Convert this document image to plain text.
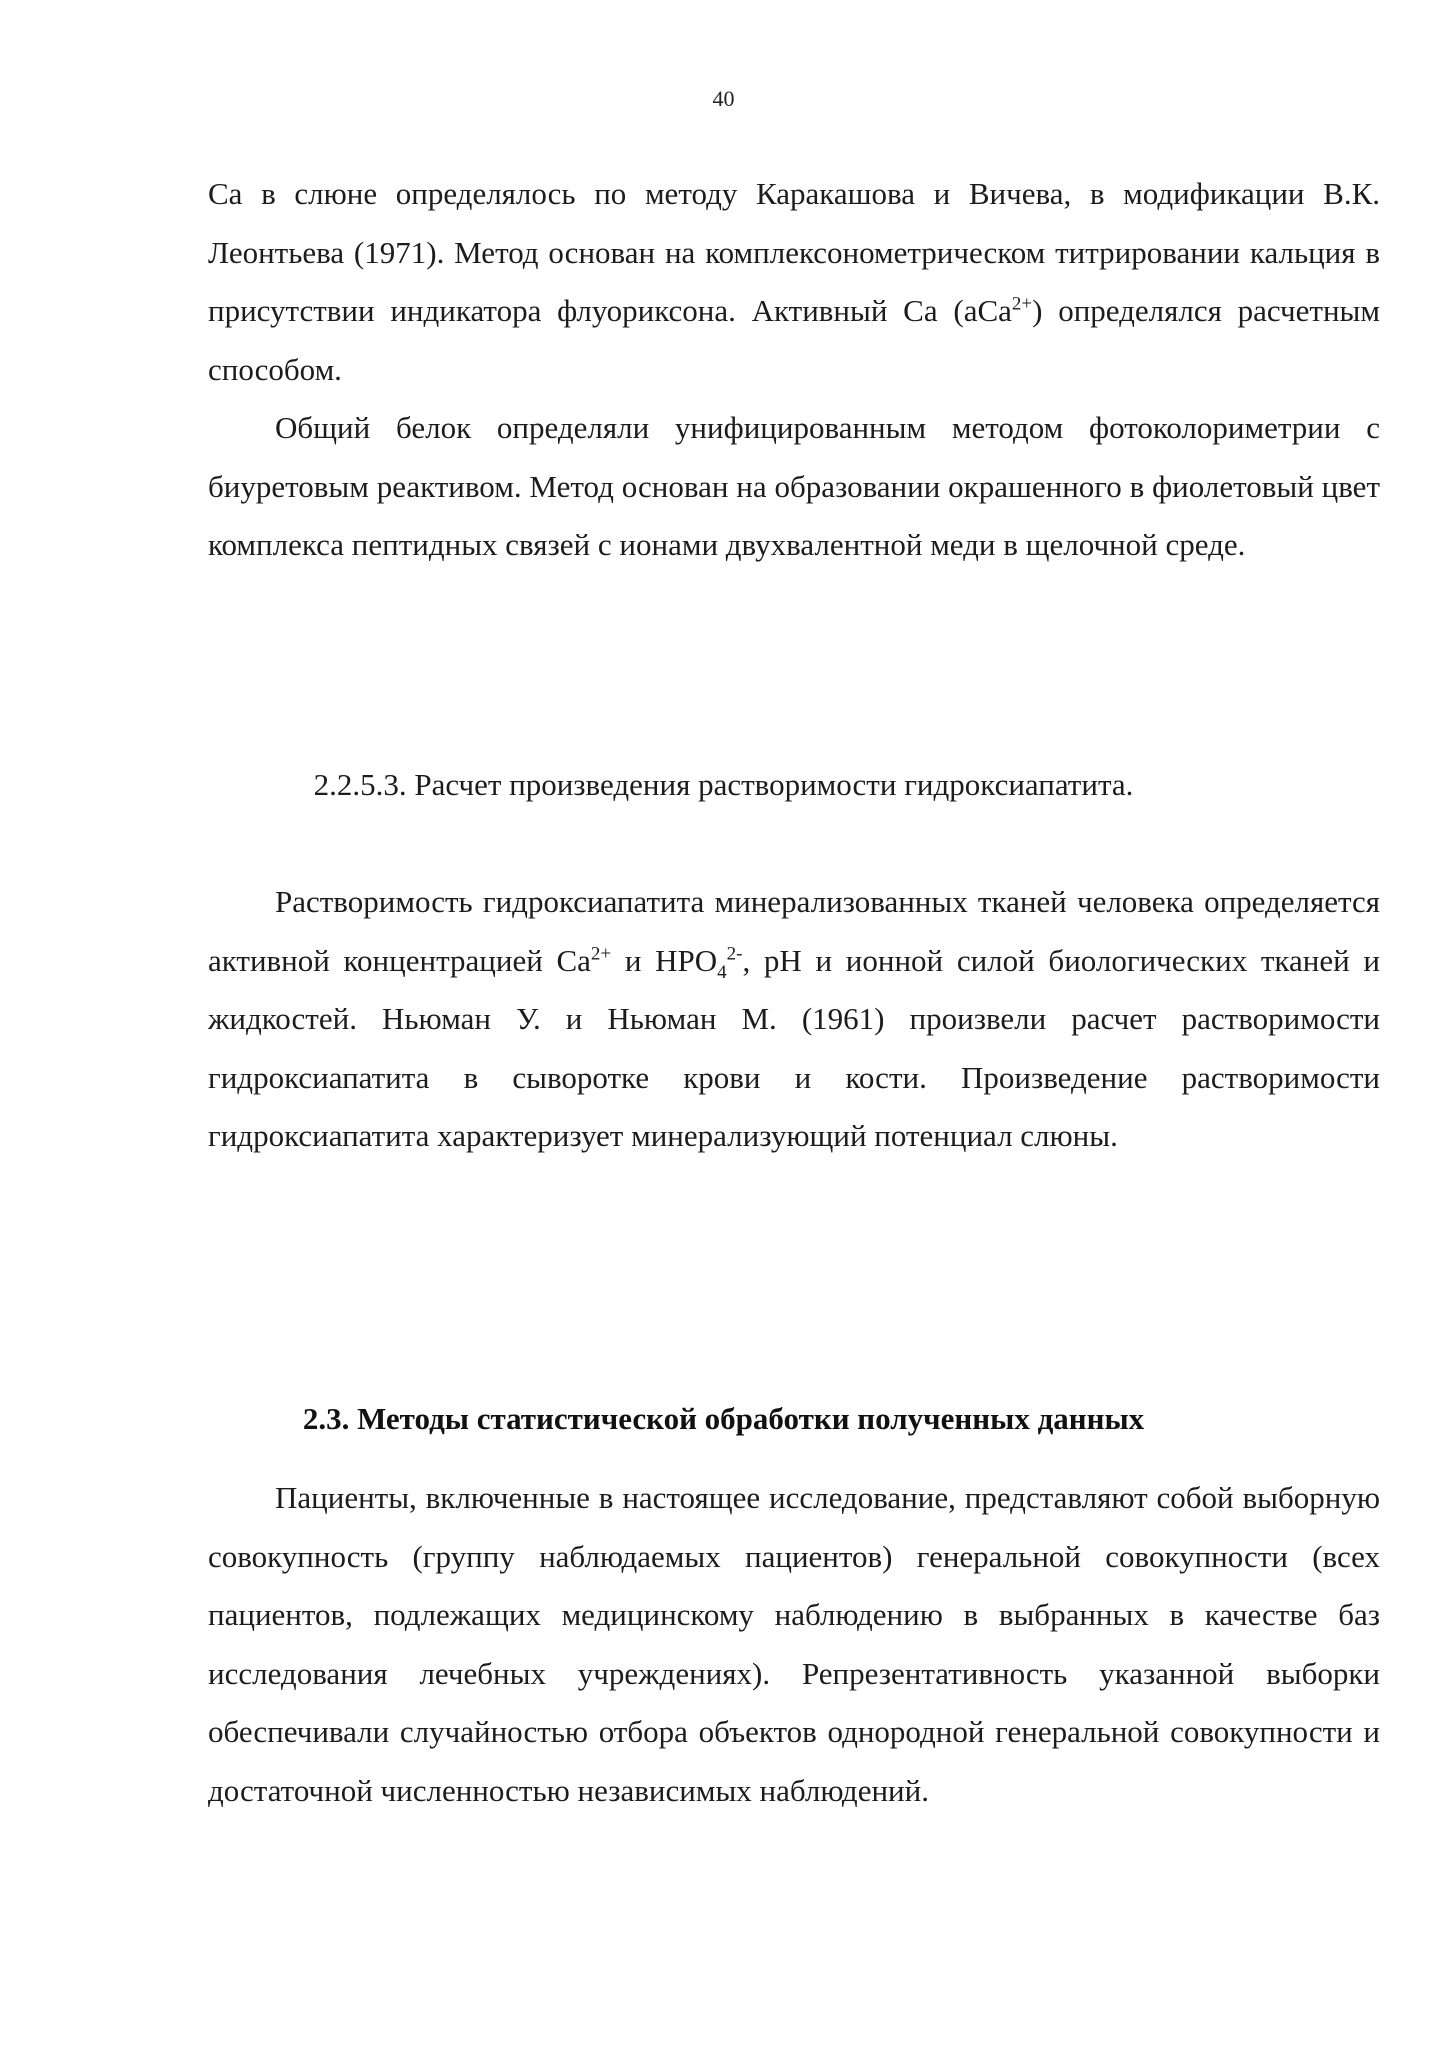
40

Ca в слюне определялось по методу Каракашова и Вичева, в модификации В.К. Леонтьева (1971). Метод основан на комплексонометрическом титрировании кальция в присутствии индикатора флуориксона. Активный Ca (aCa$^{2+}$) определялся расчетным способом.

Общий белок определяли унифицированным методом фотоколориметрии с биуретовым реактивом. Метод основан на образовании окрашенного в фиолетовый цвет комплекса пептидных связей с ионами двухвалентной меди в щелочной среде.

2.2.5.3. Расчет произведения растворимости гидроксиапатита.

Растворимость гидроксиапатита минерализованных тканей человека определяется активной концентрацией $Ca^{2+}$ и $HPO_4^{2-}$, pH и ионной силой биологических тканей и жидкостей. Ньюман У. и Ньюман М. (1961) произвели расчет растворимости гидроксиапатита в сыворотке крови и кости. Произведение растворимости гидроксиапатита характеризует минерализующий потенциал слюны.

2.3. Методы статистической обработки полученных данных

Пациенты, включенные в настоящее исследование, представляют собой выборную совокупность (группу наблюдаемых пациентов) генеральной совокупности (всех пациентов, подлежащих медицинскому наблюдению в выбранных в качестве баз исследования лечебных учреждениях). Репрезентативность указанной выборки обеспечивали случайностью отбора объектов однородной генеральной совокупности и достаточной численностью независимых наблюдений.
